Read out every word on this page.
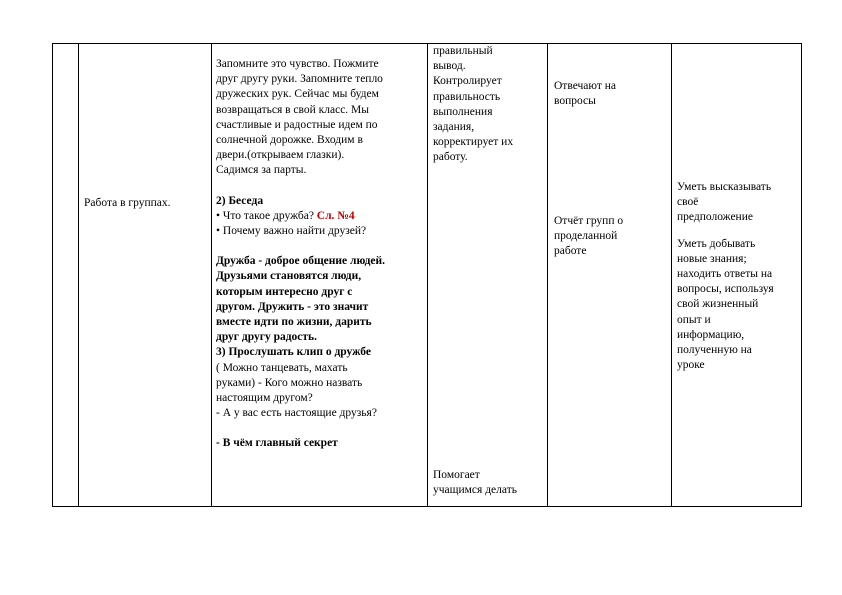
Работа в группах.

Запомните это чувство. Пожмите

друг другу руки. Запомните тепло

дружеских рук. Сейчас мы будем

возвращаться в свой класс. Мы

счастливые и радостные идем по

солнечной дорожке. Входим в

двери.(открываем глазки).

Садимся за парты.

2) Беседа

• Что такое дружба? Сл. №4

• Почему важно найти друзей?

Дружба - доброе общение людей.

Друзьями становятся люди,

которым интересно друг с

другом. Дружить - это значит

вместе идти по жизни, дарить

друг другу радость.

3) Прослушать клип о дружбе

( Можно танцевать, махать

руками) - Кого можно назвать

настоящим другом?

- А у вас есть настоящие друзья?

- В чём главный секрет

правильный

вывод.

Контролирует

правильность

выполнения

задания,

корректирует их

работу.

Помогает

учащимся делать

Отвечают на

вопросы

Отчёт групп о

проделанной

работе

Уметь высказывать

своё

предположение

Уметь добывать

новые знания;

находить ответы на

вопросы, используя

свой жизненный

опыт и

информацию,

полученную на

уроке
